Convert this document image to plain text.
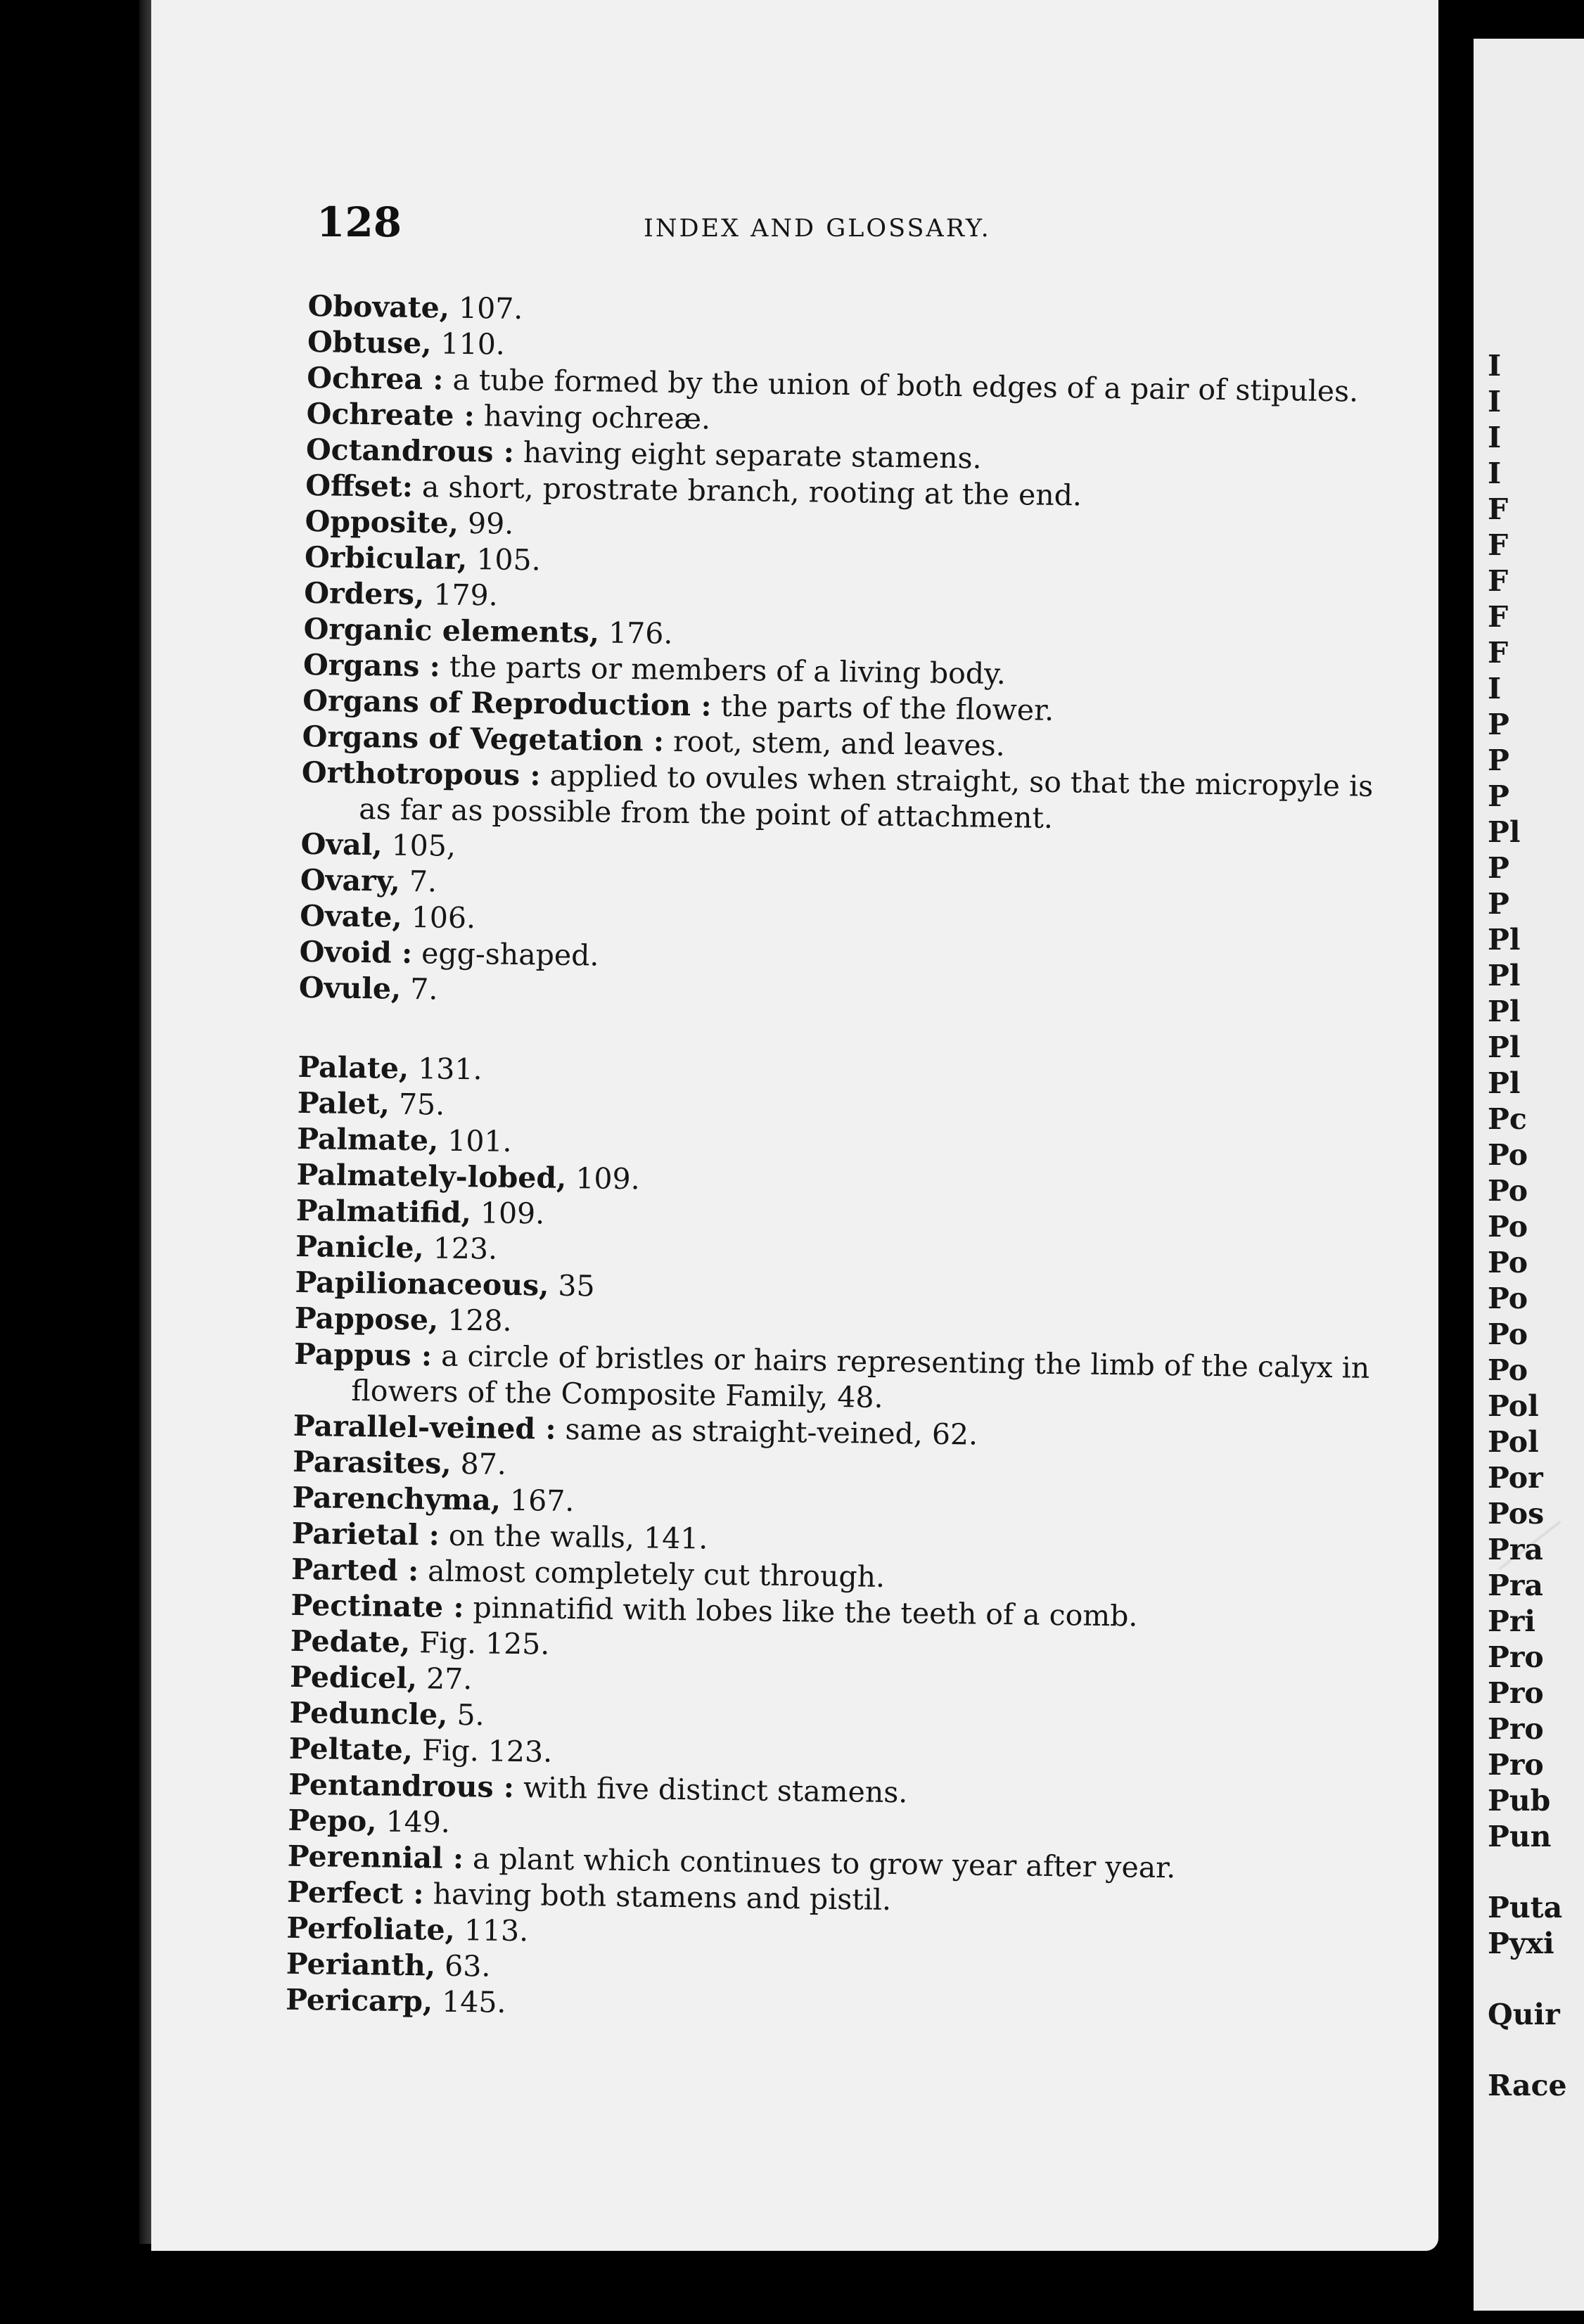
128	INDEX AND GLOSSARY.
Obovate, 107.
Obtuse, 110.
Ochrea : a tube formed by the union of both edges of a pair of stipules.
Ochreate : having ochreæ.
Octandrous : having eight separate stamens.
Offset: a short, prostrate branch, rooting at the end.
Opposite, 99.
Orbicular, 105.
Orders, 179.
Organic elements, 176.
Organs : the parts or members of a living body.
Organs of Reproduction : the parts of the flower.
Organs of Vegetation : root, stem, and leaves.
Orthotropous : applied to ovules when straight, so that the micropyle is as far as possible from the point of attachment.
Oval, 105,
Ovary, 7.
Ovate, 106.
Ovoid : egg-shaped.
Ovule, 7.
Palate, 131.
Palet, 75.
Palmate, 101.
Palmately-lobed, 109.
Palmatifid, 109.
Panicle, 123.
Papilionaceous, 35
Pappose, 128.
Pappus : a circle of bristles or hairs representing the limb of the calyx in flowers of the Composite Family, 48.
Parallel-veined : same as straight-veined, 62.
Parasites, 87.
Parenchyma, 167.
Parietal : on the walls, 141.
Parted : almost completely cut through.
Pectinate : pinnatifid with lobes like the teeth of a comb.
Pedate, Fig. 125.
Pedicel, 27.
Peduncle, 5.
Peltate, Fig. 123.
Pentandrous : with five distinct stamens.
Pepo, 149.
Perennial : a plant which continues to grow year after year.
Perfect : having both stamens and pistil.
Perfoliate, 113.
Perianth, 63.
Pericarp, 145.
I
I
I
I
F
F
F
F
F
I
P
P
P
Pl
P
P
Pl
Pl
Pl
Pl
Pl
Pc
Po
Po
Po
Po
Po
Po
Po
Pol
Pol
Por
Pos
Pra
Pra
Pri
Pro
Pro
Pro
Pro
Pub
Pun
Puta
Pyxi
Quir
Race
